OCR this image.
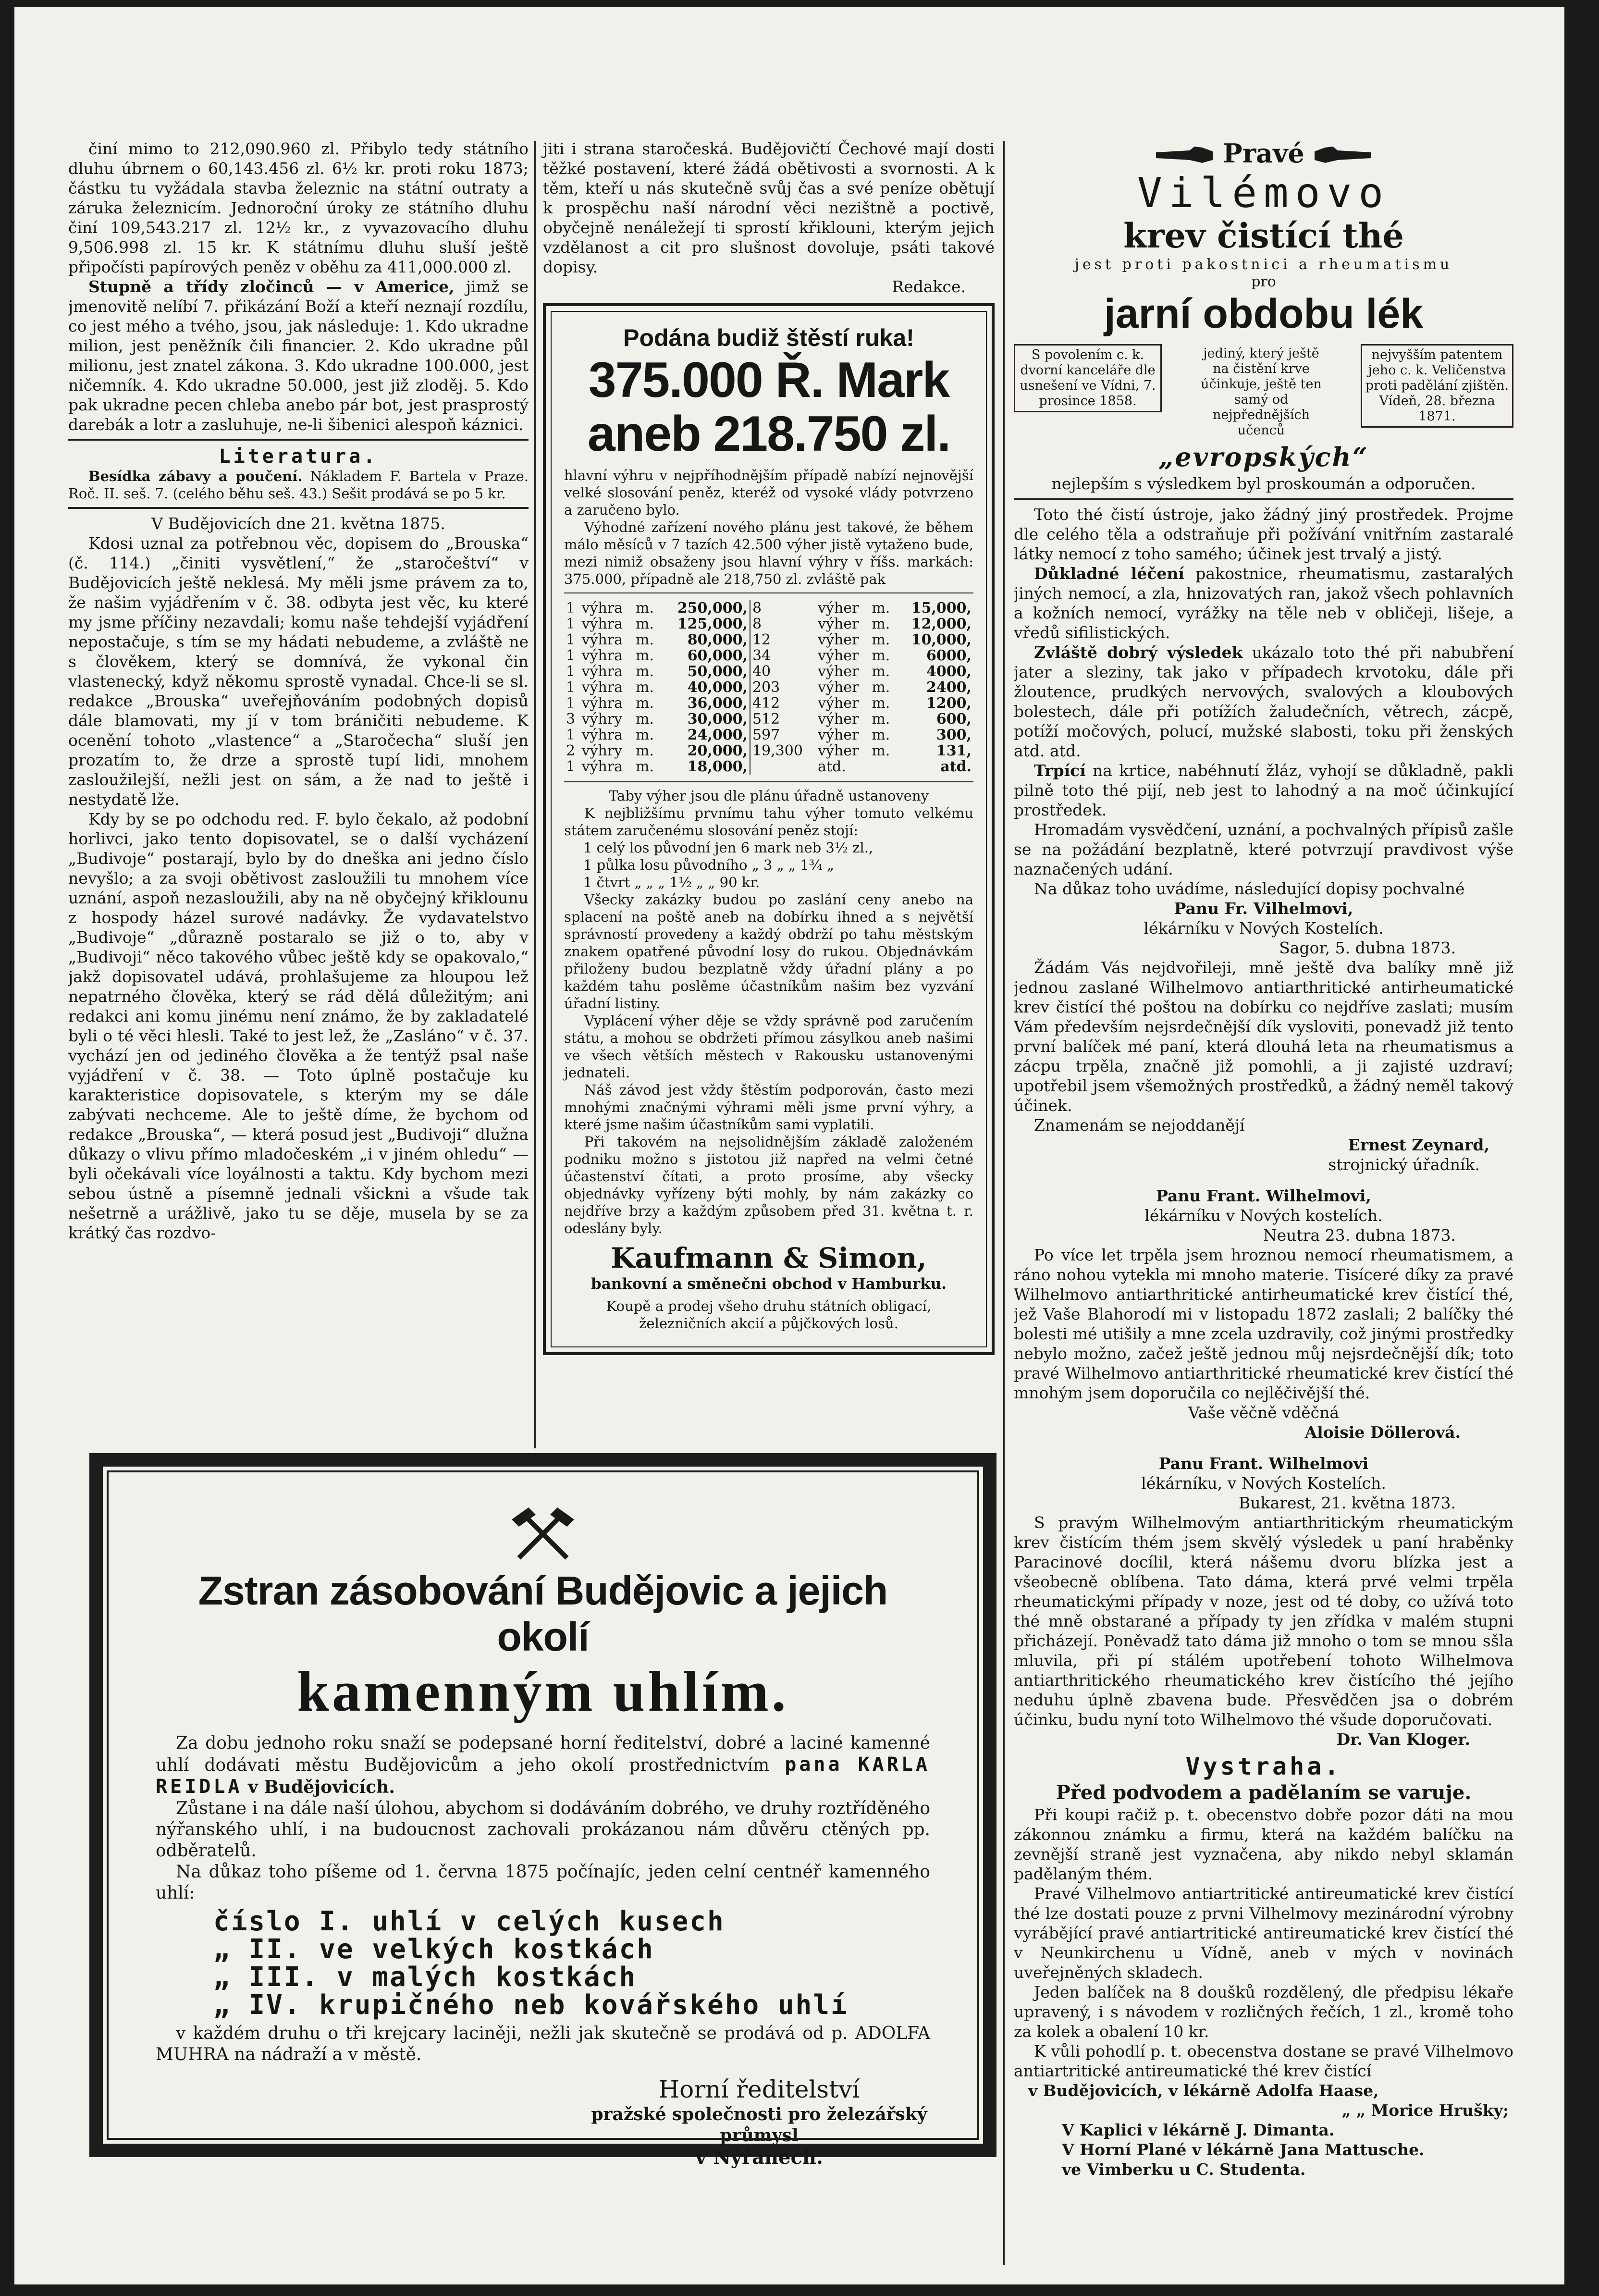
činí mimo to 212,090.960 zl. Přibylo tedy státního dluhu úbrnem o 60,143.456 zl. 6½ kr. proti roku 1873; částku tu vyžádala stavba železnic na státní outraty a záruka železnicím. Jednoroční úroky ze státního dluhu činí 109,543.217 zl. 12½ kr., z vyvazovacího dluhu 9,506.998 zl. 15 kr. K státnímu dluhu sluší ještě připočísti papírových peněz v oběhu za 411,000.000 zl.

Stupně a třídy zločinců — v Americe, jimž se jmenovitě nelíbí 7. přikázání Boží a kteří neznají rozdílu, co jest mého a tvého, jsou, jak následuje: 1. Kdo ukradne milion, jest peněžník čili financier. 2. Kdo ukradne půl milionu, jest znatel zákona. 3. Kdo ukradne 100.000, jest ničemník. 4. Kdo ukradne 50.000, jest již zloděj. 5. Kdo pak ukradne pecen chleba anebo pár bot, jest prasprostý darebák a lotr a zasluhuje, ne-li šibenici alespoň káznici.

Literatura.

Besídka zábavy a poučení. Nákladem F. Bartela v Praze. Roč. II. seš. 7. (celého běhu seš. 43.) Sešit prodává se po 5 kr.

V Budějovicích dne 21. května 1875.

Kdosi uznal za potřebnou věc, dopisem do „Brouska“ (č. 114.) „činiti vysvětlení,“ že „staročeštví“ v Budějovicích ještě neklesá. My měli jsme právem za to, že našim vyjádřením v č. 38. odbyta jest věc, ku které my jsme příčiny nezavdali; komu naše tehdejší vyjádření nepostačuje, s tím se my hádati nebudeme, a zvláště ne s člověkem, který se domnívá, že vykonal čin vlastenecký, když někomu sprostě vynadal. Chce-li se sl. redakce „Brouska“ uveřejňováním podobných dopisů dále blamovati, my jí v tom bráničiti nebudeme. K ocenění tohoto „vlastence“ a „Staročecha“ sluší jen prozatím to, že drze a sprostě tupí lidi, mnohem zasloužilejší, nežli jest on sám, a že nad to ještě i nestydatě lže.

Kdy by se po odchodu red. F. bylo čekalo, až podobní horlivci, jako tento dopisovatel, se o další vycházení „Budivoje“ postarají, bylo by do dneška ani jedno číslo nevyšlo; a za svoji obětivost zasloužili tu mnohem více uznání, aspoň nezasloužili, aby na ně obyčejný křiklounu z hospody házel surové nadávky. Že vydavatelstvo „Budivoje“ „důrazně postaralo se již o to, aby v „Budivoji“ něco takového vůbec ještě kdy se opakovalo,“ jakž dopisovatel udává, prohlašujeme za hloupou lež nepatrného člověka, který se rád dělá důležitým; ani redakci ani komu jinému není známo, že by zakladatelé byli o té věci hlesli. Také to jest lež, že „Zasláno“ v č. 37. vychází jen od jediného člověka a že tentýž psal naše vyjádření v č. 38. — Toto úplně postačuje ku karakteristice dopisovatele, s kterým my se dále zabývati nechceme. Ale to ještě díme, že bychom od redakce „Brouska“, — která posud jest „Budivoji“ dlužna důkazy o vlivu přímo mladočeském „i v jiném ohledu“ — byli očekávali více loyálnosti a taktu. Kdy bychom mezi sebou ústně a písemně jednali všickni a všude tak nešetrně a urážlivě, jako tu se děje, musela by se za krátký čas rozdvo-

jiti i strana staročeská. Budějovičtí Čechové mají dosti těžké postavení, které žádá obětivosti a svornosti. A k těm, kteří u nás skutečně svůj čas a své peníze obětují k prospěchu naší národní věci nezištně a poctivě, obyčejně nenáležejí ti sprostí křiklouni, kterým jejich vzdělanost a cit pro slušnost dovoluje, psáti takové dopisy.

Redakce.

Podána budiž štěstí ruka!

375.000 Ř. Mark

aneb 218.750 zl.

hlavní výhru v nejpříhodnějším případě nabízí nejnovější velké slosování peněz, kteréž od vysoké vlády potvrzeno a zaručeno bylo.

Výhodné zařízení nového plánu jest takové, že během málo měsíců v 7 tazích 42.500 výher jistě vytaženo bude, mezi nimiž obsaženy jsou hlavní výhry v říšs. markách: 375.000, případně ale 218,750 zl. zvláště pak

1	výhra	m.	250,000,	8	výher	m.	15,000,
1	výhra	m.	125,000,	8	výher	m.	12,000,
1	výhra	m.	80,000,	12	výher	m.	10,000,
1	výhra	m.	60,000,	34	výher	m.	6000,
1	výhra	m.	50,000,	40	výher	m.	4000,
1	výhra	m.	40,000,	203	výher	m.	2400,
1	výhra	m.	36,000,	412	výher	m.	1200,
3	výhry	m.	30,000,	512	výher	m.	600,
1	výhra	m.	24,000,	597	výher	m.	300,
2	výhry	m.	20,000,	19,300	výher	m.	131,
1	výhra	m.	18,000,		atd.		atd.

Taby výher jsou dle plánu úřadně ustanoveny

K nejbližšímu prvnímu tahu výher tomuto velkému státem zaručenému slosování peněz stojí:

1 celý los původní jen 6 mark neb 3½ zl.,

1 půlka losu původního „ 3 „ „ 1¾ „

1 čtvrt „ „ „ 1½ „ „ 90 kr.

Všecky zakázky budou po zaslání ceny anebo na splacení na poště aneb na dobírku ihned a s největší správností provedeny a každý obdrží po tahu městským znakem opatřené původní losy do rukou. Objednávkám přiloženy budou bezplatně vždy úřadní plány a po každém tahu poslěme účastníkům našim bez vyzvání úřadní listiny.

Vyplácení výher děje se vždy správně pod zaručením státu, a mohou se obdržeti přímou zásylkou aneb našimi ve všech větších městech v Rakousku ustanovenými jednateli.

Náš závod jest vždy štěstím podporován, často mezi mnohými značnými výhrami měli jsme první výhry, a které jsme našim účastníkům sami vyplatili.

Při takovém na nejsolidnějším základě založeném podniku možno s jistotou již napřed na velmi četné účastenství čítati, a proto prosíme, aby všecky objednávky vyřízeny býti mohly, by nám zakázky co nejdříve brzy a každým způsobem před 31. května t. r. odeslány byly.

Kaufmann & Simon,

bankovní a směnečni obchod v Hamburku.

Koupě a prodej všeho druhu státních obligací, železničních akcií a půjčkových losů.

Pravé

Vilémovo

krev čistící thé

jest proti pakostnici a rheumatismu

pro

jarní obdobu lék

S povolením c. k. dvorní kanceláře dle usnešení ve Vídni, 7. prosince 1858.
jediný, který ještě na čistění krve účinkuje, ještě ten samý od nejpřednějších učenců
nejvyšším patentem jeho c. k. Veličenstva proti padělání zjištěn. Vídeň, 28. března 1871.

„evropských“

nejlepším s výsledkem byl proskoumán a odporučen.

Toto thé čistí ústroje, jako žádný jiný prostředek. Projme dle celého těla a odstraňuje při požívání vnitřním zastaralé látky nemocí z toho samého; účinek jest trvalý a jistý.

Důkladné léčení pakostnice, rheumatismu, zastaralých jiných nemocí, a zla, hnizovatých ran, jakož všech pohlavních a kožních nemocí, vyrážky na těle neb v obličeji, lišeje, a vředů sifilistických.

Zvláště dobrý výsledek ukázalo toto thé při nabubření jater a sleziny, tak jako v případech krvotoku, dále při žloutence, prudkých nervových, svalových a kloubových bolestech, dále při potížích žaludečních, větrech, zácpě, potíží močových, polucí, mužské slabosti, toku při ženských atd. atd.

Trpící na krtice, nabéhnutí žláz, vyhojí se důkladně, pakli pilně toto thé pijí, neb jest to lahodný a na moč účinkující prostředek.

Hromadám vysvědčení, uznání, a pochvalných přípisů zašle se na požádání bezplatně, které potvrzují pravdivost výše naznačených udání.

Na důkaz toho uvádíme, následující dopisy pochvalné

Panu Fr. Vilhelmovi,

lékárníku v Nových Kostelích.

Sagor, 5. dubna 1873.

Žádám Vás nejdvořileji, mně ještě dva balíky mně již jednou zaslané Wilhelmovo antiarthritické antirheumatické krev čistící thé poštou na dobírku co nejdříve zaslati; musím Vám především nejsrdečnější dík vysloviti, ponevadž již tento první balíček mé paní, která dlouhá leta na rheumatismus a zácpu trpěla, značně již pomohli, a ji zajisté uzdraví; upotřebil jsem všemožných prostředků, a žádný neměl takový účinek.

Znamenám se nejoddanějí

Ernest Zeynard,

strojnický úřadník.

Panu Frant. Wilhelmovi,

lékárníku v Nových kostelích.

Neutra 23. dubna 1873.

Po více let trpěla jsem hroznou nemocí rheumatismem, a ráno nohou vytekla mi mnoho materie. Tisíceré díky za pravé Wilhelmovo antiarthritické antirheumatické krev čistící thé, jež Vaše Blahorodí mi v listopadu 1872 zaslali; 2 balíčky thé bolesti mé utišily a mne zcela uzdravily, což jinými prostředky nebylo možno, začež ještě jednou můj nejsrdečnější dík; toto pravé Wilhelmovo antiarthritické rheumatické krev čistící thé mnohým jsem doporučila co nejlěčivější thé.

Vaše věčně vděčná

Aloisie Döllerová.

Panu Frant. Wilhelmovi

lékárníku, v Nových Kostelích.

Bukarest, 21. května 1873.

S pravým Wilhelmovým antiarthritickým rheumatickým krev čistícím thém jsem skvělý výsledek u paní hraběnky Paracinové docílil, která nášemu dvoru blízka jest a všeobecně oblíbena. Tato dáma, která prvé velmi trpěla rheumatickými případy v noze, jest od té doby, co užívá toto thé mně obstarané a případy ty jen zřídka v malém stupni přicházejí. Poněvadž tato dáma již mnoho o tom se mnou sšla mluvila, při pí stálém upotřebení tohoto Wilhelmova antiarthritického rheumatického krev čistícího thé jejího neduhu úplně zbavena bude. Přesvědčen jsa o dobrém účinku, budu nyní toto Wilhelmovo thé všude doporučovati.

Dr. Van Kloger.

Vystraha.

Před podvodem a padělaním se varuje.

Při koupi račiž p. t. obecenstvo dobře pozor dáti na mou zákonnou známku a firmu, která na každém balíčku na zevnější straně jest vyznačena, aby nikdo nebyl sklamán padělaným thém.

Pravé Vilhelmovo antiartritické antireumatické krev čistící thé lze dostati pouze z prvni Vilhelmovy mezinárodní výrobny vyrábějící pravé antiartritické antireumatické krev čistící thé v Neunkirchenu u Vídně, aneb v mých v novinách uveřejněných skladech.

Jeden balíček na 8 doušků rozdělený, dle předpisu lékaře upravený, i s návodem v rozličných řečích, 1 zl., kromě toho za kolek a obalení 10 kr.

K vůli pohodlí p. t. obecenstva dostane se pravé Vilhelmovo antiartritické antireumatické thé krev čistící

v Budějovicích, v lékárně Adolfa Haase,

„ „ Morice Hrušky;

V Kaplici v lékárně J. Dimanta.

V Horní Plané v lékárně Jana Mattusche.

ve Vimberku u C. Studenta.

Zstran zásobování Budějovic a jejich okolí

kamenným uhlím.

Za dobu jednoho roku snaží se podepsané horní ředitelství, dobré a laciné kamenné uhlí dodávati městu Budějovicům a jeho okolí prostřednictvím pana KARLA REIDLA v Budějovicích.

Zůstane i na dále naší úlohou, abychom si dodáváním dobrého, ve druhy roztříděného nýřanského uhlí, i na budoucnost zachovali prokázanou nám důvěru ctěných pp. odběratelů.

Na důkaz toho píšeme od 1. června 1875 počínajíc, jeden celní centnéř kamenného uhlí:

číslo I. uhlí v celých kusech

„ II. ve velkých kostkách

„ III. v malých kostkách

„ IV. krupičného neb kovářského uhlí

v každém druhu o tři krejcary laciněji, nežli jak skutečně se prodává od p. ADOLFA MUHRA na nádraží a v městě.

Horní ředitelství

pražské společnosti pro železářský průmysl

v Nýřanech.
